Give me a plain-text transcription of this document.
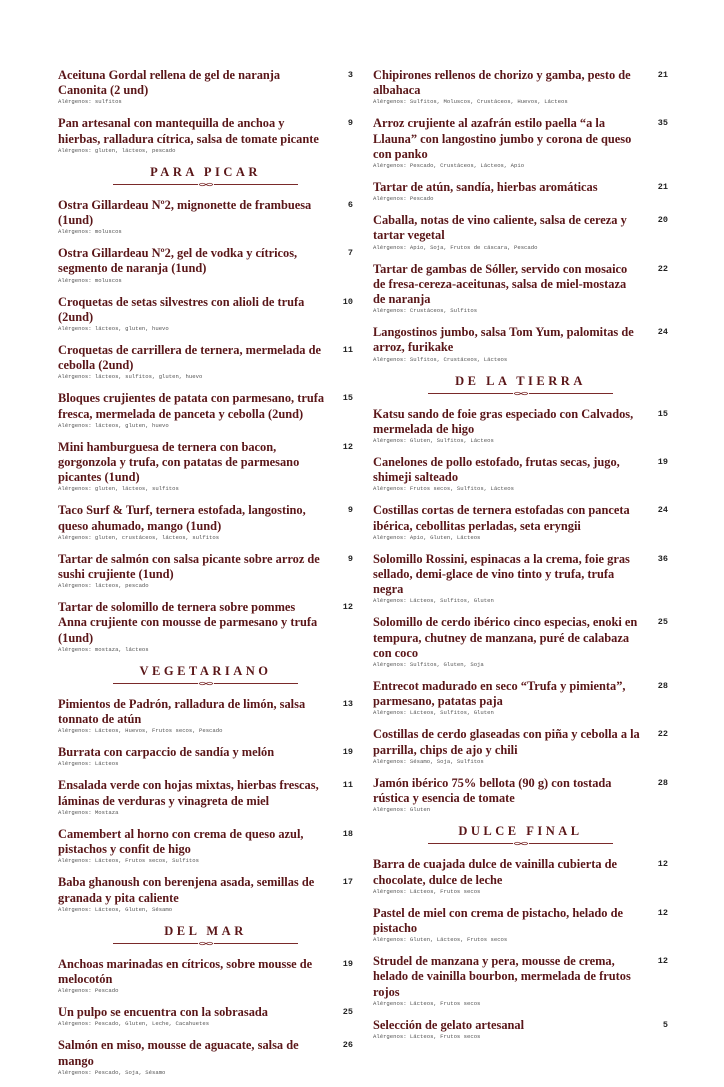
Aceituna Gordal rellena de gel de naranja Canonita (2 und)
3
Alérgenos: sulfitos
Pan artesanal con mantequilla de anchoa y hierbas, ralladura cítrica, salsa de tomate picante
9
Alérgenos: gluten, lácteos, pescado
PARA PICAR
Ostra Gillardeau Nº2, mignonette de frambuesa (1und)
6
Alérgenos: moluscos
Ostra Gillardeau Nº2, gel de vodka y cítricos, segmento de naranja (1und)
7
Alérgenos: moluscos
Croquetas de setas silvestres con alioli de trufa (2und)
10
Alérgenos: lácteos, gluten, huevo
Croquetas de carrillera de ternera, mermelada de cebolla (2und)
11
Alérgenos: lácteos, sulfitos, gluten, huevo
Bloques crujientes de patata con parmesano, trufa fresca, mermelada de panceta y cebolla (2und)
15
Alérgenos: lácteos, gluten, huevo
Mini hamburguesa de ternera con bacon, gorgonzola y trufa, con patatas de parmesano picantes (1und)
12
Alérgenos: gluten, lácteos, sulfitos
Taco Surf & Turf, ternera estofada, langostino, queso ahumado, mango (1und)
9
Alérgenos: gluten, crustáceos, lácteos, sulfitos
Tartar de salmón con salsa picante sobre arroz de sushi crujiente (1und)
9
Alérgenos: lácteos, pescado
Tartar de solomillo de ternera sobre pommes Anna crujiente con mousse de parmesano y trufa (1und)
12
Alérgenos: mostaza, lácteos
VEGETARIANO
Pimientos de Padrón, ralladura de limón, salsa tonnato de atún
13
Alérgenos: Lácteos, Huevos, Frutos secos, Pescado
Burrata con carpaccio de sandía y melón	19
Alérgenos: Lácteos
Ensalada verde con hojas mixtas, hierbas frescas, láminas de verduras y vinagreta de miel
11
Alérgenos: Mostaza
Camembert al horno con crema de queso azul, pistachos y confit de higo
18
Alérgenos: Lácteos, Frutos secos, Sulfitos
Baba ghanoush con berenjena asada, semillas de granada y pita caliente
17
Alérgenos: Lácteos, Gluten, Sésamo
DEL MAR
Anchoas marinadas en cítricos, sobre mousse de melocotón
19
Alérgenos: Pescado
Un pulpo se encuentra con la sobrasada	25
Alérgenos: Pescado, Gluten, Leche, Cacahuetes
Salmón en miso, mousse de aguacate, salsa de mango
26
Alérgenos: Pescado, Soja, Sésamo
Chipirones rellenos de chorizo y gamba, pesto de albahaca
21
Alérgenos: Sulfitos, Moluscos, Crustáceos, Huevos, Lácteos
Arroz crujiente al azafrán estilo paella “a la Llauna” con langostino jumbo y corona de queso con panko
35
Alérgenos: Pescado, Crustáceos, Lácteos, Apio
Tartar de atún, sandía, hierbas aromáticas	21
Alérgenos: Pescado
Caballa, notas de vino caliente, salsa de cereza y tartar vegetal
20
Alérgenos: Apio, Soja, Frutos de cáscara, Pescado
Tartar de gambas de Sóller, servido con mosaico de fresa-cereza-aceitunas, salsa de miel-mostaza de naranja
22
Alérgenos: Crustáceos, Sulfitos
Langostinos jumbo, salsa Tom Yum, palomitas de arroz, furikake
24
Alérgenos: Sulfitos, Crustáceos, Lácteos
DE LA TIERRA
Katsu sando de foie gras especiado con Calvados, mermelada de higo
15
Alérgenos: Gluten, Sulfitos, Lácteos
Canelones de pollo estofado, frutas secas, jugo, shimeji salteado
19
Alérgenos: Frutos secos, Sulfitos, Lácteos
Costillas cortas de ternera estofadas con panceta ibérica, cebollitas perladas, seta eryngii
24
Alérgenos: Apio, Gluten, Lácteos
Solomillo Rossini, espinacas a la crema, foie gras sellado, demi-glace de vino tinto y trufa, trufa negra
36
Alérgenos: Lácteos, Sulfitos, Gluten
Solomillo de cerdo ibérico cinco especias, enoki en tempura, chutney de manzana, puré de calabaza con coco
25
Alérgenos: Sulfitos, Gluten, Soja
Entrecot madurado en seco “Trufa y pimienta”, parmesano, patatas paja
28
Alérgenos: Lácteos, Sulfitos, Gluten
Costillas de cerdo glaseadas con piña y cebolla a la parrilla, chips de ajo y chili
22
Alérgenos: Sésamo, Soja, Sulfitos
Jamón ibérico 75% bellota (90 g) con tostada rústica y esencia de tomate
28
Alérgenos: Gluten
DULCE FINAL
Barra de cuajada dulce de vainilla cubierta de chocolate, dulce de leche
12
Alérgenos: Lácteos, Frutos secos
Pastel de miel con crema de pistacho, helado de pistacho
12
Alérgenos: Gluten, Lácteos, Frutos secos
Strudel de manzana y pera, mousse de crema, helado de vainilla bourbon, mermelada de frutos rojos
12
Alérgenos: Lácteos, Frutos secos
Selección de gelato artesanal	5
Alérgenos: Lácteos, Frutos secos
